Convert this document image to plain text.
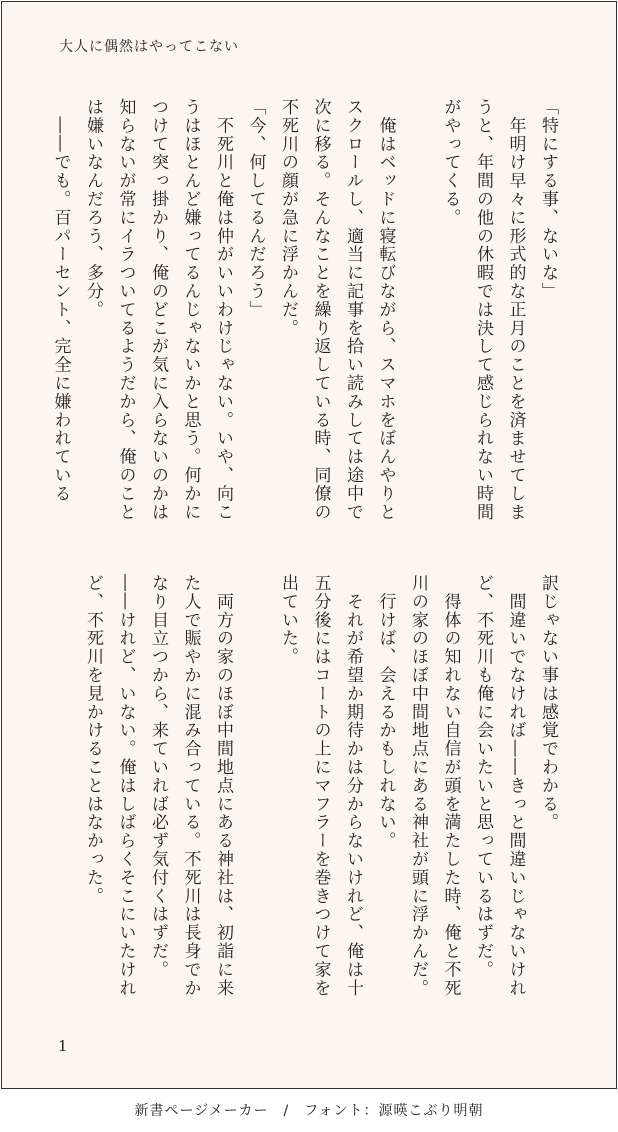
大人に偶然はやってこない

「特にする事、ないな」

　年明け早々に形式的な正月のことを済ませてしまうと、年間の他の休暇では決して感じられない時間がやってくる。

　俺はベッドに寝転びながら、スマホをぼんやりとスクロールし、適当に記事を拾い読みしては途中で次に移る。そんなことを繰り返している時、同僚の不死川の顔が急に浮かんだ。

「今、何してるんだろう」

　不死川と俺は仲がいいわけじゃない。いや、向こうはほとんど嫌ってるんじゃないかと思う。何かにつけて突っ掛かり、俺のどこが気に入らないのかは知らないが常にイラついてるようだから、俺のことは嫌いなんだろう、多分。

　――でも。百パーセント、完全に嫌われている

訳じゃない事は感覚でわかる。

　間違いでなければ――きっと間違いじゃないけれど、不死川も俺に会いたいと思っているはずだ。

　得体の知れない自信が頭を満たした時、俺と不死川の家のほぼ中間地点にある神社が頭に浮かんだ。

　行けば、会えるかもしれない。

　それが希望か期待かは分からないけれど、俺は十五分後にはコートの上にマフラーを巻きつけて家を出ていた。

　両方の家のほぼ中間地点にある神社は、初詣に来た人で賑やかに混み合っている。不死川は長身でかなり目立つから、来ていれば必ず気付くはずだ。――けれど、いない。俺はしばらくそこにいたけれど、不死川を見かけることはなかった。

1
新書ページメーカー　/　フォント：源暎こぶり明朝
